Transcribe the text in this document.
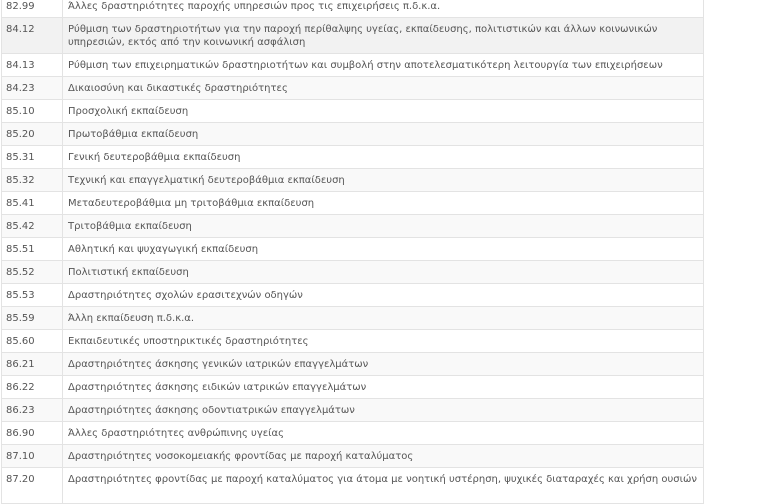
82.99	Άλλες δραστηριότητες παροχής υπηρεσιών προς τις επιχειρήσεις π.δ.κ.α.
84.12	Ρύθμιση των δραστηριοτήτων για την παροχή περίθαλψης υγείας, εκπαίδευσης, πολιτιστικών και άλλων κοινωνικών υπηρεσιών, εκτός από την κοινωνική ασφάλιση
84.13	Ρύθμιση των επιχειρηματικών δραστηριοτήτων και συμβολή στην αποτελεσματικότερη λειτουργία των επιχειρήσεων
84.23	Δικαιοσύνη και δικαστικές δραστηριότητες
85.10	Προσχολική εκπαίδευση
85.20	Πρωτοβάθμια εκπαίδευση
85.31	Γενική δευτεροβάθμια εκπαίδευση
85.32	Τεχνική και επαγγελματική δευτεροβάθμια εκπαίδευση
85.41	Μεταδευτεροβάθμια μη τριτοβάθμια εκπαίδευση
85.42	Τριτοβάθμια εκπαίδευση
85.51	Αθλητική και ψυχαγωγική εκπαίδευση
85.52	Πολιτιστική εκπαίδευση
85.53	Δραστηριότητες σχολών ερασιτεχνών οδηγών
85.59	Άλλη εκπαίδευση π.δ.κ.α.
85.60	Εκπαιδευτικές υποστηρικτικές δραστηριότητες
86.21	Δραστηριότητες άσκησης γενικών ιατρικών επαγγελμάτων
86.22	Δραστηριότητες άσκησης ειδικών ιατρικών επαγγελμάτων
86.23	Δραστηριότητες άσκησης οδοντιατρικών επαγγελμάτων
86.90	Άλλες δραστηριότητες ανθρώπινης υγείας
87.10	Δραστηριότητες νοσοκομειακής φροντίδας με παροχή καταλύματος
87.20	Δραστηριότητες φροντίδας με παροχή καταλύματος για άτομα με νοητική υστέρηση, ψυχικές διαταραχές και χρήση ουσιών
